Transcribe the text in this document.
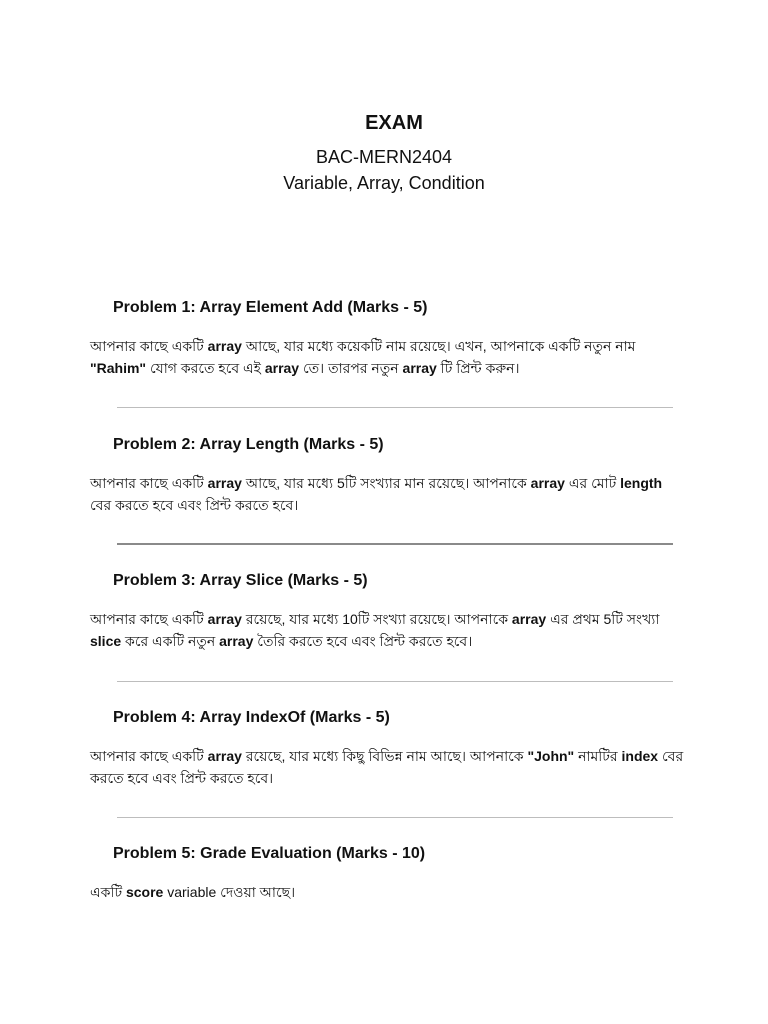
EXAM
BAC-MERN2404
Variable, Array, Condition
Problem 1: Array Element Add (Marks - 5)
আপনার কাছে একটি array আছে, যার মধ্যে কয়েকটি নাম রয়েছে। এখন, আপনাকে একটি নতুন নাম
"Rahim" যোগ করতে হবে এই array তে। তারপর নতুন array টি প্রিন্ট করুন।
Problem 2: Array Length (Marks - 5)
আপনার কাছে একটি array আছে, যার মধ্যে 5টি সংখ্যার মান রয়েছে। আপনাকে array এর মোট length
বের করতে হবে এবং প্রিন্ট করতে হবে।
Problem 3: Array Slice (Marks - 5)
আপনার কাছে একটি array রয়েছে, যার মধ্যে 10টি সংখ্যা রয়েছে। আপনাকে array এর প্রথম 5টি সংখ্যা
slice করে একটি নতুন array তৈরি করতে হবে এবং প্রিন্ট করতে হবে।
Problem 4: Array IndexOf (Marks - 5)
আপনার কাছে একটি array রয়েছে, যার মধ্যে কিছু বিভিন্ন নাম আছে। আপনাকে "John" নামটির index বের
করতে হবে এবং প্রিন্ট করতে হবে।
Problem 5: Grade Evaluation (Marks - 10)
একটি score variable দেওয়া আছে।
